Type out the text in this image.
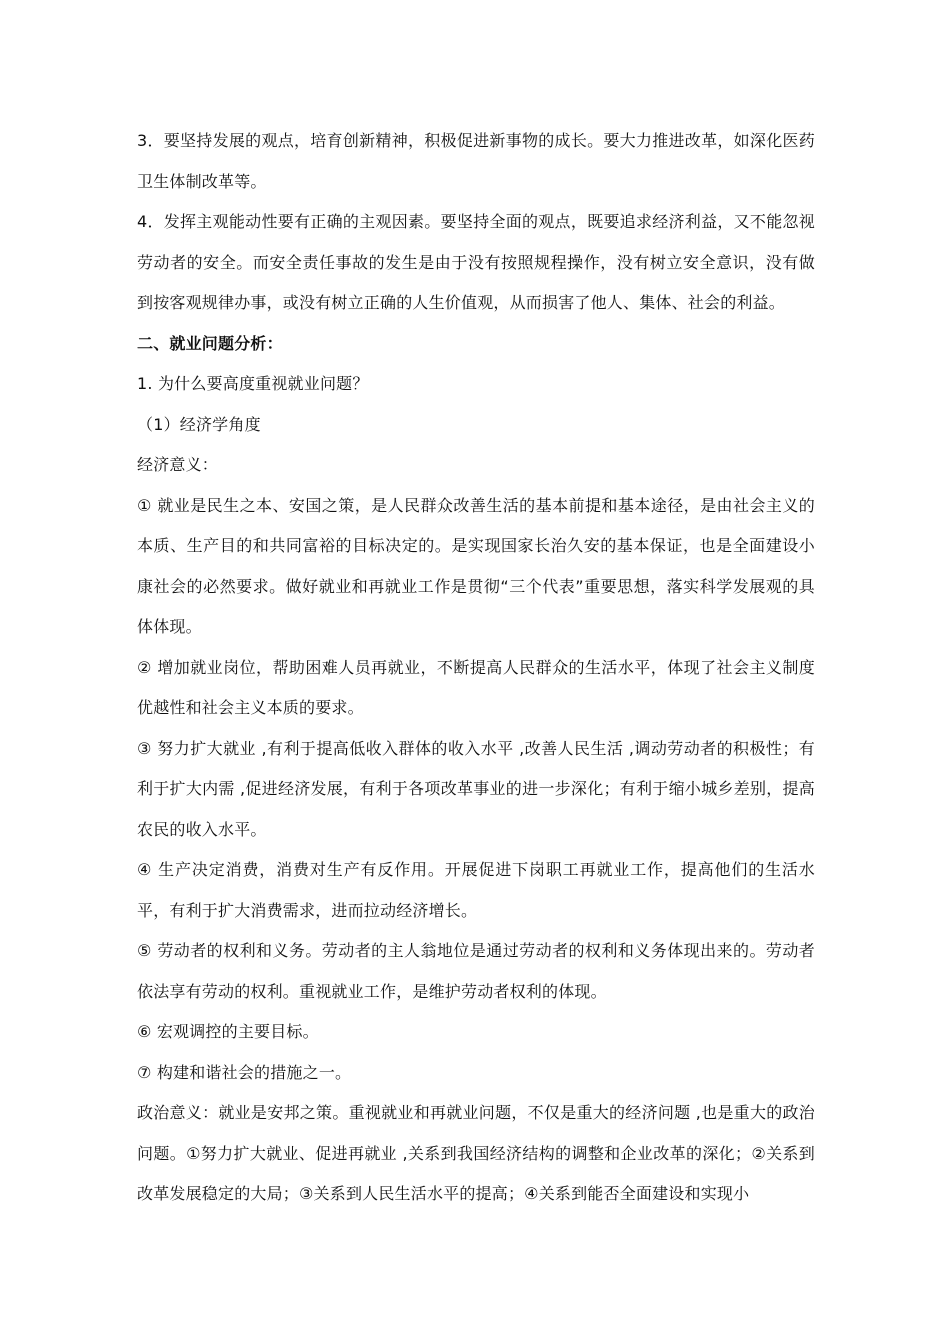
3．要坚持发展的观点，培育创新精神，积极促进新事物的成长。要大力推进改革，如深化医药卫生体制改革等。

4．发挥主观能动性要有正确的主观因素。要坚持全面的观点，既要追求经济利益，又不能忽视劳动者的安全。而安全责任事故的发生是由于没有按照规程操作，没有树立安全意识，没有做到按客观规律办事，或没有树立正确的人生价值观，从而损害了他人、集体、社会的利益。

二、就业问题分析：

1. 为什么要高度重视就业问题？

（1）经济学角度

经济意义：

① 就业是民生之本、安国之策，是人民群众改善生活的基本前提和基本途径，是由社会主义的本质、生产目的和共同富裕的目标决定的。是实现国家长治久安的基本保证，也是全面建设小康社会的必然要求。做好就业和再就业工作是贯彻“三个代表”重要思想，落实科学发展观的具体体现。

② 增加就业岗位，帮助困难人员再就业，不断提高人民群众的生活水平，体现了社会主义制度优越性和社会主义本质的要求。

③ 努力扩大就业 ,有利于提高低收入群体的收入水平 ,改善人民生活 ,调动劳动者的积极性；有利于扩大内需 ,促进经济发展，有利于各项改革事业的进一步深化；有利于缩小城乡差别，提高农民的收入水平。

④ 生产决定消费，消费对生产有反作用。开展促进下岗职工再就业工作，提高他们的生活水平，有利于扩大消费需求，进而拉动经济增长。

⑤ 劳动者的权利和义务。劳动者的主人翁地位是通过劳动者的权利和义务体现出来的。劳动者依法享有劳动的权利。重视就业工作，是维护劳动者权利的体现。

⑥ 宏观调控的主要目标。

⑦ 构建和谐社会的措施之一。

政治意义：就业是安邦之策。重视就业和再就业问题，不仅是重大的经济问题 ,也是重大的政治问题。①努力扩大就业、促进再就业 ,关系到我国经济结构的调整和企业改革的深化；②关系到改革发展稳定的大局；③关系到人民生活水平的提高；④关系到能否全面建设和实现小
